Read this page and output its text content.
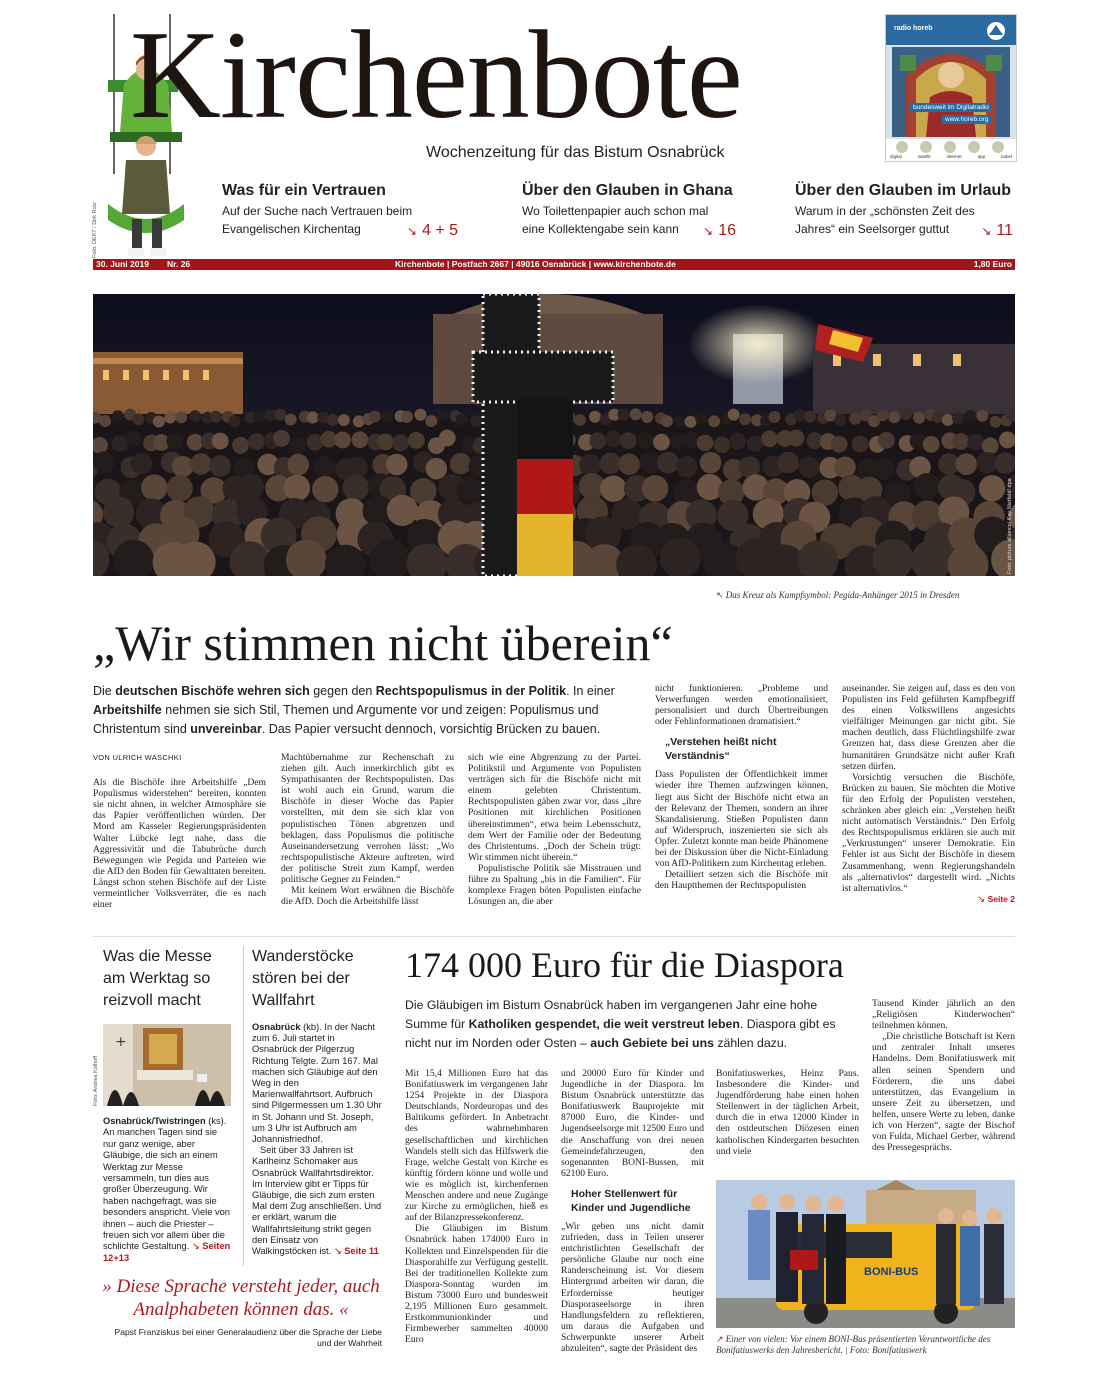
Foto: DEKT / Dirk Rutz
Kirchenbote
Wochenzeitung für das Bistum Osnabrück
radio horeb
bundesweit im Digitalradio
www.horeb.org
digital	satellit	internet	app	kabel
Was für ein Vertrauen
Auf der Suche nach Vertrauen beim
Evangelischen Kirchentag	↘ 4 + 5
Über den Glauben in Ghana
Wo Toilettenpapier auch schon mal
eine Kollektengabe sein kann	↘ 16
Über den Glauben im Urlaub
Warum in der „schönsten Zeit des
Jahres“ ein Seelsorger guttut	↘ 11
30. Juni 2019 Nr. 26	Kirchenbote | Postfach 2667 | 49016 Osnabrück | www.kirchenbote.de	1,80 Euro
Foto: picture alliance/ Kay Nietfeld/ dpa
↖ Das Kreuz als Kampfsymbol: Pegida-Anhänger 2015 in Dresden
„Wir stimmen nicht überein“
Die deutschen Bischöfe wehren sich gegen den Rechtspopulismus in der Politik. In einer Arbeitshilfe nehmen sie sich Stil, Themen und Argumente vor und zeigen: Populismus und Christentum sind unvereinbar. Das Papier versucht dennoch, vorsichtig Brücken zu bauen.

VON ULRICH WASCHKI

Als die Bischöfe ihre Arbeitshilfe „Dem Populismus widerstehen“ bereiten, konnten sie nicht ahnen, in welcher Atmosphäre sie das Papier veröffentlichen würden. Der Mord am Kasseler Regierungspräsidenten Walter Lübcke legt nahe, dass die Aggressivität und die Tabubrüche durch Bewegungen wie Pegida und Parteien wie die AfD den Boden für Gewalttaten bereiten. Längst schon stehen Bischöfe auf der Liste vermeintlicher Volksverräter, die es nach einer

Machtübernahme zur Rechenschaft zu ziehen gilt. Auch innerkirchlich gibt es Sympathisanten der Rechtspopulisten. Das ist wohl auch ein Grund, warum die Bischöfe in dieser Woche das Papier vorstellten, mit dem sie sich klar von populistischen Tönen abgrenzen und beklagen, dass Populismus die politische Auseinandersetzung verrohen lässt: „Wo rechtspopulistische Akteure auftreten, wird der politische Streit zum Kampf, werden politische Gegner zu Feinden.“

Mit keinem Wort erwähnen die Bischöfe die AfD. Doch die Arbeitshilfe lässt

sich wie eine Abgrenzung zu der Partei. Politikstil und Argumente von Populisten verträgen sich für die Bischöfe nicht mit einem gelebten Christentum. Rechtspopulisten gäben zwar vor, dass „ihre Positionen mit kirchlichen Positionen übereinstimmen“, etwa beim Lebensschutz, dem Wert der Familie oder der Bedeutung des Christentums. „Doch der Schein trügt: Wir stimmen nicht überein.“

Populistische Politik säe Misstrauen und führe zu Spaltung „bis in die Familien“. Für komplexe Fragen böten Populisten einfache Lösungen an, die aber

nicht funktionieren. „Probleme und Verwerfungen werden emotionalisiert, personalisiert und durch Übertreibungen oder Fehlinformationen dramatisiert.“

„Verstehen heißt nicht Verständnis“

Dass Populisten der Öffentlichkeit immer wieder ihre Themen aufzwingen können, liegt aus Sicht der Bischöfe nicht etwa an der Relevanz der Themen, sondern an ihrer Skandalisierung. Stießen Populisten dann auf Widerspruch, inszenierten sie sich als Opfer. Zuletzt konnte man beide Phänomene bei der Diskussion über die Nicht-Einladung von AfD-Politikern zum Kirchentag erleben.

Detailliert setzen sich die Bischöfe mit den Hauptthemen der Rechtspopulisten

auseinander. Sie zeigen auf, dass es den von Populisten ins Feld geführten Kampfbegriff des einen Volkswillens angesichts vielfältiger Meinungen gar nicht gibt. Sie machen deutlich, dass Flüchtlingshilfe zwar Grenzen hat, dass diese Grenzen aber die humanitären Grundsätze nicht außer Kraft setzen dürfen.

Vorsichtig versuchen die Bischöfe, Brücken zu bauen. Sie möchten die Motive für den Erfolg der Populisten verstehen, schränken aber gleich ein: „Verstehen heißt nicht automatisch Verständnis.“ Den Erfolg des Rechtspopulismus erklären sie auch mit „Verkrustungen“ unserer Demokratie. Ein Fehler ist aus Sicht der Bischöfe in diesem Zusammenhang, wenn Regierungshandeln als „alternativlos“ dargestellt wird. „Nichts ist alternativlos.“

↘ Seite 2

Was die Messe am Werktag so reizvoll macht
+
Foto: Andrea Kolhoff
Osnabrück/Twistringen (ks). An manchen Tagen sind sie nur ganz wenige, aber Gläubige, die sich an einem Werktag zur Messe versammeln, tun dies aus großer Überzeugung. Wir haben nachgefragt, was sie besonders anspricht. Viele von ihnen – auch die Priester – freuen sich vor allem über die schlichte Gestaltung. ↘ Seiten 12+13
Wanderstöcke stören bei der Wallfahrt
Osnabrück (kb). In der Nacht zum 6. Juli startet in Osnabrück der Pilgerzug Richtung Telgte. Zum 167. Mal machen sich Gläubige auf den Weg in den Marienwallfahrtsort. Aufbruch sind Pilgermessen um 1.30 Uhr in St. Johann und St. Joseph, um 3 Uhr ist Aufbruch am Johannisfriedhof.
Seit über 33 Jahren ist Karlheinz Schomaker aus Osnabrück Wallfahrtsdirektor. Im Interview gibt er Tipps für Gläubige, die sich zum ersten Mal dem Zug anschließen. Und er erklärt, warum die Wallfahrtsleitung strikt gegen den Einsatz von Walkingstöcken ist. ↘ Seite 11
» Diese Sprache versteht jeder, auch Analphabeten können das. «
Papst Franziskus bei einer Generalaudienz über die Sprache der Liebe und der Wahrheit
174 000 Euro für die Diaspora
Die Gläubigen im Bistum Osnabrück haben im vergangenen Jahr eine hohe Summe für Katholiken gespendet, die weit verstreut leben. Diaspora gibt es nicht nur im Norden oder Osten – auch Gebiete bei uns zählen dazu.

Mit 15,4 Millionen Euro hat das Bonifatiuswerk im vergangenen Jahr 1254 Projekte in der Diaspora Deutschlands, Nordeuropas und des Baltikums gefördert. In Anbetracht des wahrnehmbaren gesellschaftlichen und kirchlichen Wandels stellt sich das Hilfswerk die Frage, welche Gestalt von Kirche es künftig fördern könne und wolle und wie es möglich ist, kirchenfernen Menschen andere und neue Zugänge zur Kirche zu ermöglichen, hieß es auf der Bilanzpressekonferenz.

Die Gläubigen im Bistum Osnabrück haben 174000 Euro in Kollekten und Einzelspenden für die Diasporahilfe zur Verfügung gestellt. Bei der traditionellen Kollekte zum Diaspora-Sonntag wurden im Bistum 73000 Euro und bundesweit 2,195 Millionen Euro gesammelt. Erstkommunionkinder und Firmbewerber sammelten 40000 Euro

und 20000 Euro für Kinder und Jugendliche in der Diaspora. Im Bistum Osnabrück unterstützte das Bonifatiuswerk Bauprojekte mit 87000 Euro, die Kinder- und Jugendseelsorge mit 12500 Euro und die Anschaffung von drei neuen Gemeindefahrzeugen, den sogenannten BONI-Bussen, mit 62100 Euro.

Hoher Stellenwert für Kinder und Jugendliche

„Wir geben uns nicht damit zufrieden, dass in Teilen unserer entchristlichten Gesellschaft der persönliche Glaube nur noch eine Randerscheinung ist. Vor diesem Hintergrund arbeiten wir daran, die Erfordernisse heutiger Diasporaseelsorge in ihren Handlungsfeldern zu reflektieren, um daraus die Aufgaben und Schwerpunkte unserer Arbeit abzuleiten“, sagte der Präsident des

Bonifatiuswerkes, Heinz Paus. Insbesondere die Kinder- und Jugendförderung habe einen hohen Stellenwert in der täglichen Arbeit, durch die in etwa 12000 Kinder in den ostdeutschen Diözesen einen katholischen Kindergarten besuchten und viele

Tausend Kinder jährlich an den „Religiösen Kinderwochen“ teilnehmen können.

„Die christliche Botschaft ist Kern und zentraler Inhalt unseres Handelns. Dem Bonifatiuswerk mit allen seinen Spendern und Förderern, die uns dabei unterstützen, das Evangelium in unsere Zeit zu übersetzen, und helfen, unsere Werte zu leben, danke ich von Herzen“, sagte der Bischof von Fulda, Michael Gerber, während des Pressegesprächs.

BONI-BUS
↗ Einer von vielen: Vor einem BONI-Bus präsentierten Verantwortliche des Bonifatiuswerks den Jahresbericht. | Foto: Bonifatiuswerk
